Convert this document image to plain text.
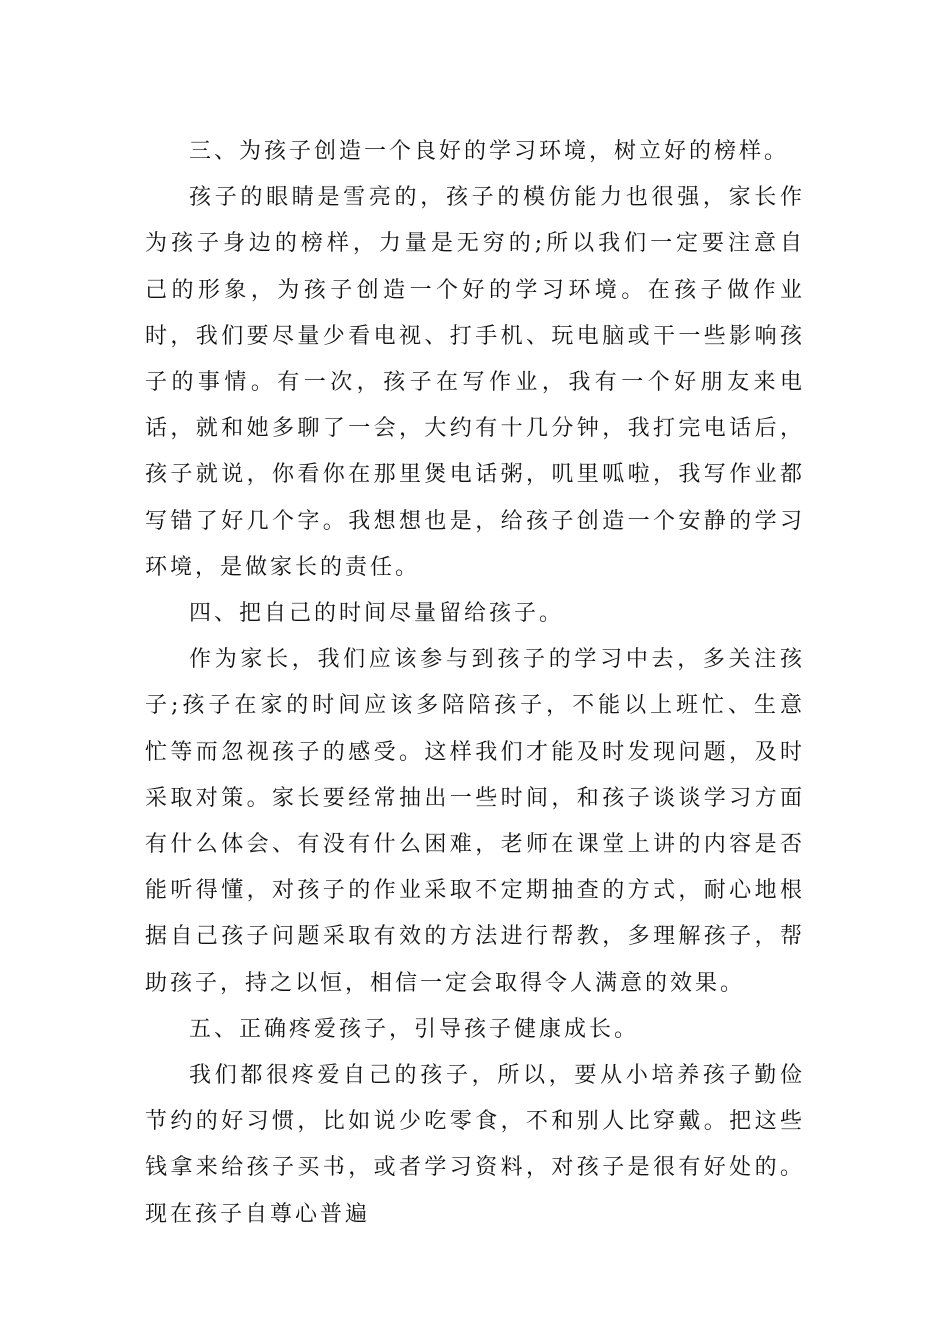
三、为孩子创造一个良好的学习环境，树立好的榜样。

孩子的眼睛是雪亮的，孩子的模仿能力也很强，家长作为孩子身边的榜样，力量是无穷的;所以我们一定要注意自己的形象，为孩子创造一个好的学习环境。在孩子做作业时，我们要尽量少看电视、打手机、玩电脑或干一些影响孩子的事情。有一次，孩子在写作业，我有一个好朋友来电话，就和她多聊了一会，大约有十几分钟，我打完电话后，孩子就说，你看你在那里煲电话粥，叽里呱啦，我写作业都写错了好几个字。我想想也是，给孩子创造一个安静的学习环境，是做家长的责任。

四、把自己的时间尽量留给孩子。

作为家长，我们应该参与到孩子的学习中去，多关注孩子;孩子在家的时间应该多陪陪孩子，不能以上班忙、生意忙等而忽视孩子的感受。这样我们才能及时发现问题，及时采取对策。家长要经常抽出一些时间，和孩子谈谈学习方面有什么体会、有没有什么困难，老师在课堂上讲的内容是否能听得懂，对孩子的作业采取不定期抽查的方式，耐心地根据自己孩子问题采取有效的方法进行帮教，多理解孩子，帮助孩子，持之以恒，相信一定会取得令人满意的效果。

五、正确疼爱孩子，引导孩子健康成长。

我们都很疼爱自己的孩子，所以，要从小培养孩子勤俭节约的好习惯，比如说少吃零食，不和别人比穿戴。把这些钱拿来给孩子买书，或者学习资料，对孩子是很有好处的。现在孩子自尊心普遍
